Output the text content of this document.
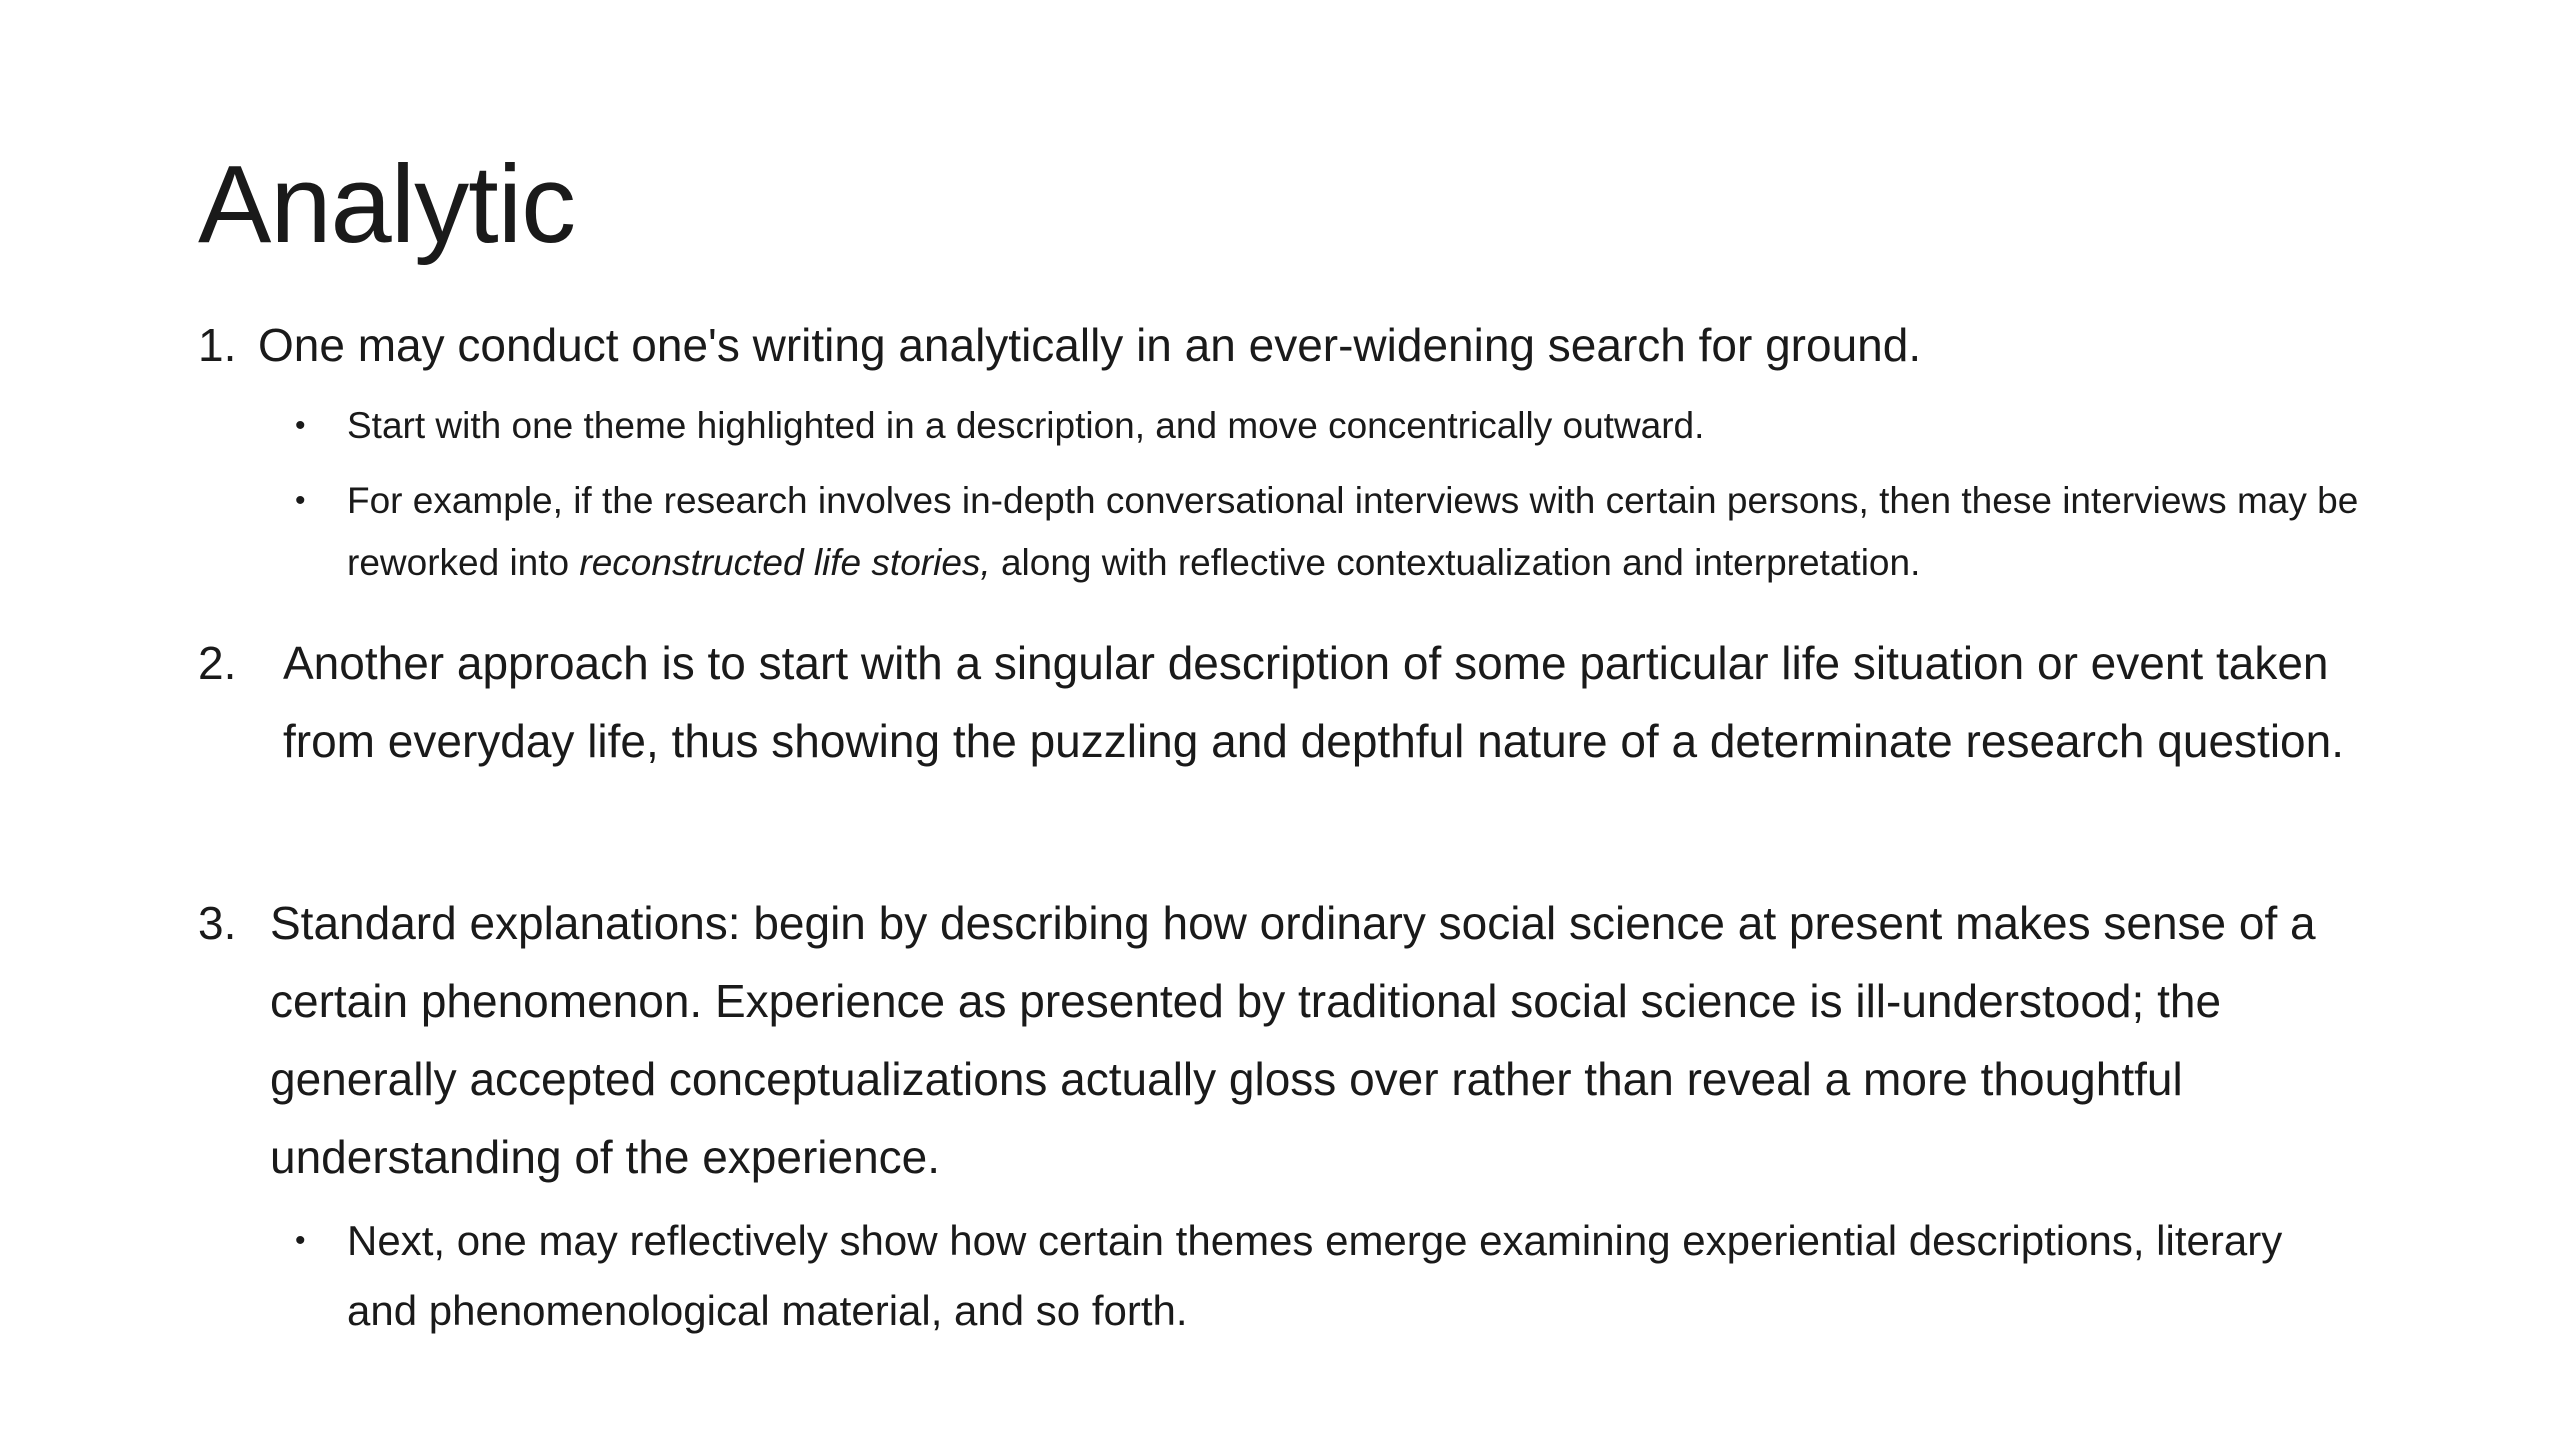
Analytic
1. One may conduct one's writing analytically in an ever-widening search for ground.
•	Start with one theme highlighted in a description, and move concentrically outward.
•	For example, if the research involves in-depth conversational interviews with certain persons, then these interviews may be reworked into reconstructed life stories, along with reflective contextualization and interpretation.
2.	Another approach is to start with a singular description of some particular life situation or event taken from everyday life, thus showing the puzzling and depthful nature of a determinate research question.
3. Standard explanations: begin by describing how ordinary social science at present makes sense of a certain phenomenon. Experience as presented by traditional social science is ill-understood; the generally accepted conceptualizations actually gloss over rather than reveal a more thoughtful understanding of the experience.
• Next, one may reflectively show how certain themes emerge examining experiential descriptions, literary and phenomenological material, and so forth.
